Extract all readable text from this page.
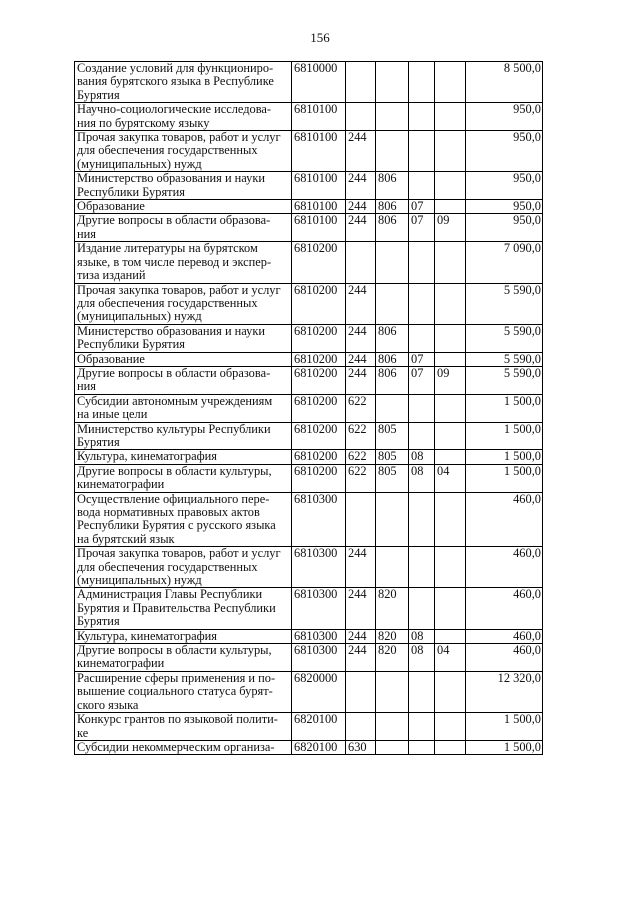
156
Создание условий для функциониро-
вания бурятского языка в Республике
Бурятия	6810000					8 500,0
Научно-социологические исследова-
ния по бурятскому языку	6810100					950,0
Прочая закупка товаров, работ и услуг
для обеспечения государственных
(муниципальных) нужд	6810100	244				950,0
Министерство образования и науки
Республики Бурятия	6810100	244	806			950,0
Образование	6810100	244	806	07		950,0
Другие вопросы в области образова-
ния	6810100	244	806	07	09	950,0
Издание литературы на бурятском
языке, в том числе перевод и экспер-
тиза изданий	6810200					7 090,0
Прочая закупка товаров, работ и услуг
для обеспечения государственных
(муниципальных) нужд	6810200	244				5 590,0
Министерство образования и науки
Республики Бурятия	6810200	244	806			5 590,0
Образование	6810200	244	806	07		5 590,0
Другие вопросы в области образова-
ния	6810200	244	806	07	09	5 590,0
Субсидии автономным учреждениям
на иные цели	6810200	622				1 500,0
Министерство культуры Республики
Бурятия	6810200	622	805			1 500,0
Культура, кинематография	6810200	622	805	08		1 500,0
Другие вопросы в области культуры,
кинематографии	6810200	622	805	08	04	1 500,0
Осуществление официального пере-
вода нормативных правовых актов
Республики Бурятия с русского языка
на бурятский язык	6810300					460,0
Прочая закупка товаров, работ и услуг
для обеспечения государственных
(муниципальных) нужд	6810300	244				460,0
Администрация Главы Республики
Бурятия и Правительства Республики
Бурятия	6810300	244	820			460,0
Культура, кинематография	6810300	244	820	08		460,0
Другие вопросы в области культуры,
кинематографии	6810300	244	820	08	04	460,0
Расширение сферы применения и по-
вышение социального статуса бурят-
ского языка	6820000					12 320,0
Конкурс грантов по языковой полити-
ке	6820100					1 500,0
Субсидии некоммерческим организа-	6820100	630				1 500,0
